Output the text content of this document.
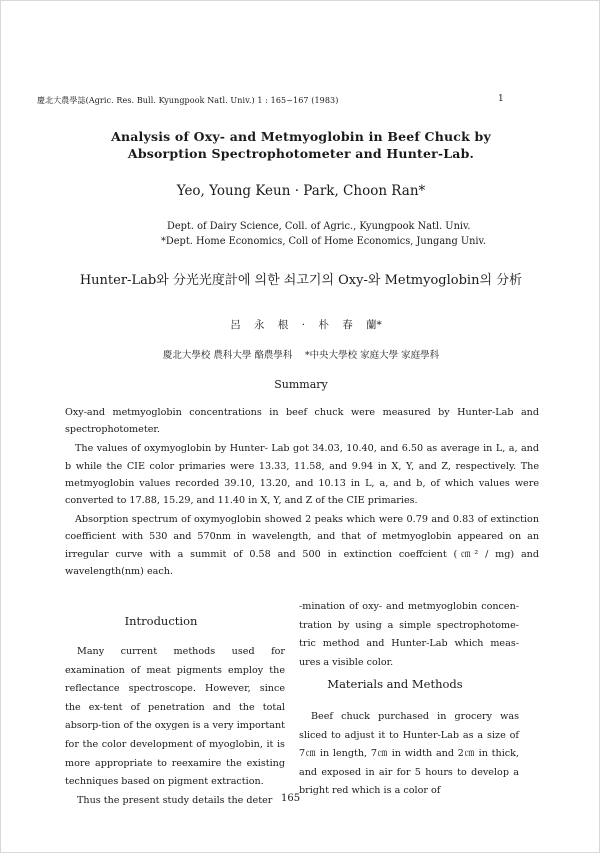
慶北大農學誌(Agric. Res. Bull. Kyungpook Natl. Univ.) 1 : 165~167 (1983)	1
Analysis of Oxy- and Metmyoglobin in Beef Chuck by
Absorption Spectrophotometer and Hunter-Lab.
Yeo, Young Keun · Park, Choon Ran*
Dept. of Dairy Science, Coll. of Agric., Kyungpook Natl. Univ.
*Dept. Home Economics, Coll of Home Economics, Jungang Univ.
Hunter-Lab와 分光光度計에 의한 쇠고기의 Oxy-와 Metmyoglobin의 分析
呂 永 根 · 朴 春 蘭*
慶北大學校 農科大學 酪農學科　 *中央大學校 家庭大學 家庭學科
Summary

Oxy-and metmyoglobin concentrations in beef chuck were measured by Hunter-Lab and spectrophotometer.

The values of oxymyoglobin by Hunter- Lab got 34.03, 10.40, and 6.50 as average in L, a, and b while the CIE color primaries were 13.33, 11.58, and 9.94 in X, Y, and Z, respectively. The metmyoglobin values recorded 39.10, 13.20, and 10.13 in L, a, and b, of which values were converted to 17.88, 15.29, and 11.40 in X, Y, and Z of the CIE primaries.

Absorption spectrum of oxymyoglobin showed 2 peaks which were 0.79 and 0.83 of extinction coefficient with 530 and 570nm in wavelength, and that of metmyoglobin appeared on an irregular curve with a summit of 0.58 and 500 in extinction coeffcient (㎝² / mg) and wavelength(nm) each.

Introduction

Many current methods used for examination of meat pigments employ the reflectance spectroscope. However, since the ex-tent of penetration and the total absorp-tion of the oxygen is a very important for the color development of myoglobin, it is more appropriate to reexamire the existing techniques based on pigment extraction.

Thus the present study details the deter

-mination of oxy- and metmyoglobin concen-tration by using a simple spectrophotome-tric method and Hunter-Lab which meas-ures a visible color.

Materials and Methods

Beef chuck purchased in grocery was sliced to adjust it to Hunter-Lab as a size of 7㎝ in length, 7㎝ in width and 2㎝ in thick, and exposed in air for 5 hours to develop a bright red which is a color of

165
